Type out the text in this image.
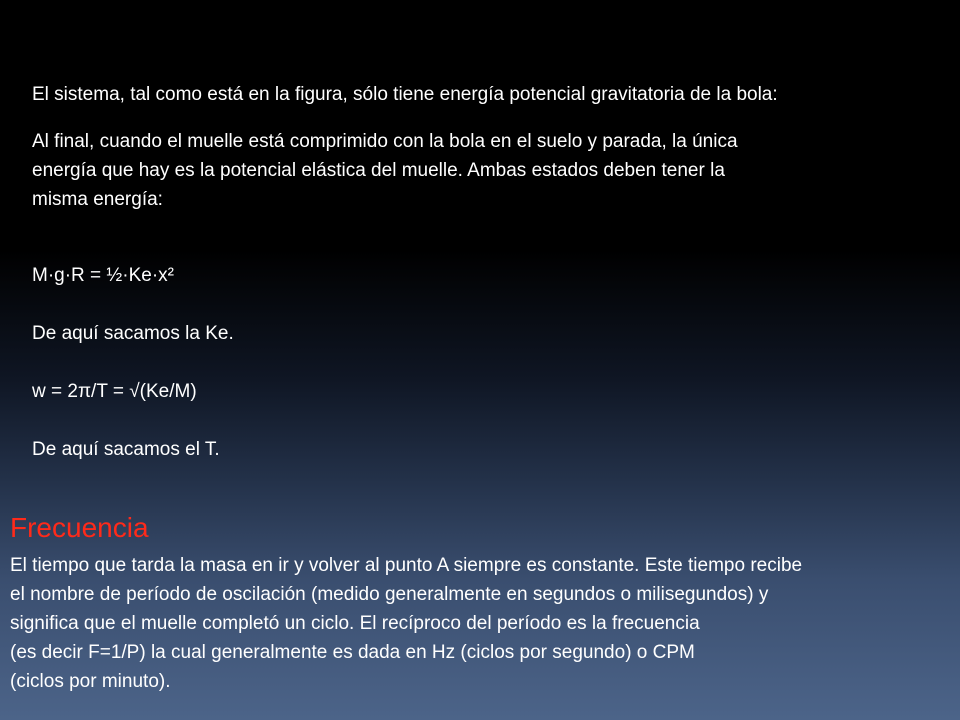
El sistema, tal como está en la figura, sólo tiene energía potencial gravitatoria de la bola:

Al final, cuando el muelle está comprimido con la bola en el suelo y parada, la única

energía que hay es la potencial elástica del muelle. Ambas estados deben tener la

misma energía:

M·g·R = ½·Ke·x²

De aquí sacamos la Ke.

w = 2π/T = √(Ke/M)

De aquí sacamos el T.

Frecuencia
El tiempo que tarda la masa en ir y volver al punto A siempre es constante. Este tiempo recibe
el nombre de período de oscilación (medido generalmente en segundos o milisegundos) y
significa que el muelle completó un ciclo. El recíproco del período es la frecuencia
(es decir F=1/P) la cual generalmente es dada en Hz (ciclos por segundo) o CPM
(ciclos por minuto).
